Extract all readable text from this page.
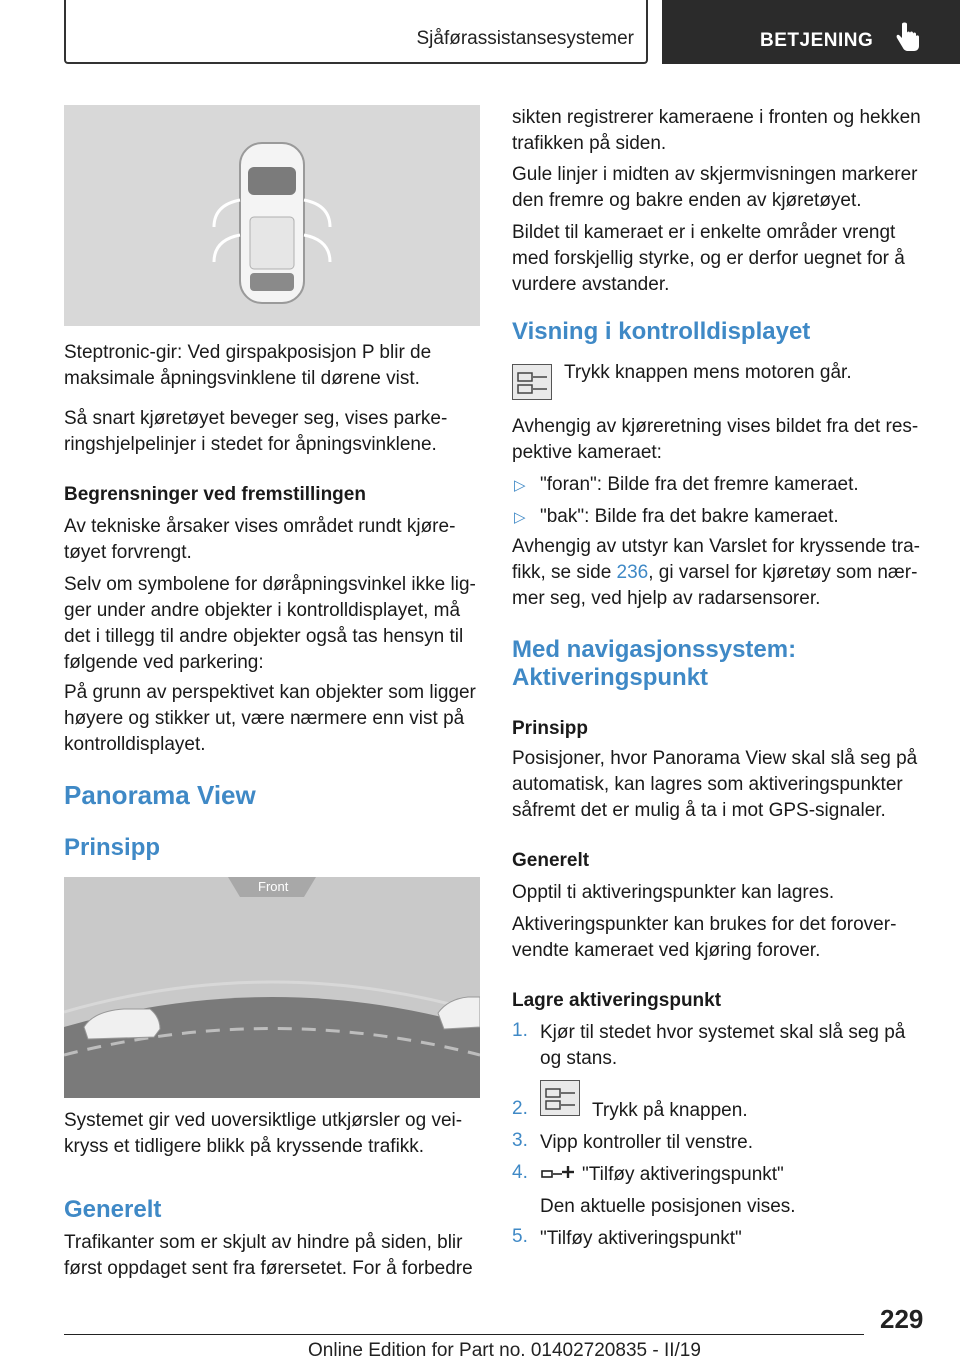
Sjåførassistansesystemer	BETJENING

Steptronic-gir: Ved girspakposisjon P blir de
maksimale åpningsvinklene til dørene vist.

Så snart kjøretøyet beveger seg, vises parke-
ringshjelpelinjer i stedet for åpningsvinklene.

Begrensninger ved fremstillingen

Av tekniske årsaker vises området rundt kjøre-
tøyet forvrengt.

Selv om symbolene for døråpningsvinkel ikke lig-
ger under andre objekter i kontrolldisplayet, må
det i tillegg til andre objekter også tas hensyn til
følgende ved parkering:

På grunn av perspektivet kan objekter som ligger
høyere og stikker ut, være nærmere enn vist på
kontrolldisplayet.

Panorama View
Prinsipp
Front

Systemet gir ved uoversiktlige utkjørsler og vei-
kryss et tidligere blikk på kryssende trafikk.

Generelt

Trafikanter som er skjult av hindre på siden, blir
først oppdaget sent fra førersetet. For å forbedre

sikten registrerer kameraene i fronten og hekken
trafikken på siden.

Gule linjer i midten av skjermvisningen markerer
den fremre og bakre enden av kjøretøyet.

Bildet til kameraet er i enkelte områder vrengt
med forskjellig styrke, og er derfor uegnet for å
vurdere avstander.

Visning i kontrolldisplayet

Trykk knappen mens motoren går.

Avhengig av kjøreretning vises bildet fra det res-
pektive kameraet:

▷ "foran": Bilde fra det fremre kameraet.

▷ "bak": Bilde fra det bakre kameraet.

Avhengig av utstyr kan Varslet for kryssende tra-
fikk, se side 236, gi varsel for kjøretøy som nær-
mer seg, ved hjelp av radarsensorer.

Med navigasjonssystem:
Aktiveringspunkt

Prinsipp

Posisjoner, hvor Panorama View skal slå seg på
automatisk, kan lagres som aktiveringspunkter
såfremt det er mulig å ta i mot GPS-signaler.

Generelt

Opptil ti aktiveringspunkter kan lagres.

Aktiveringspunkter kan brukes for det forover-
vendte kameraet ved kjøring forover.

Lagre aktiveringspunkt

1. Kjør til stedet hvor systemet skal slå seg på
og stans.

2.	Trykk på knappen.

3. Vipp kontroller til venstre.

4.	"Tilføy aktiveringspunkt"

Den aktuelle posisjonen vises.

5. "Tilføy aktiveringspunkt"

229
Online Edition for Part no. 01402720835 - II/19
